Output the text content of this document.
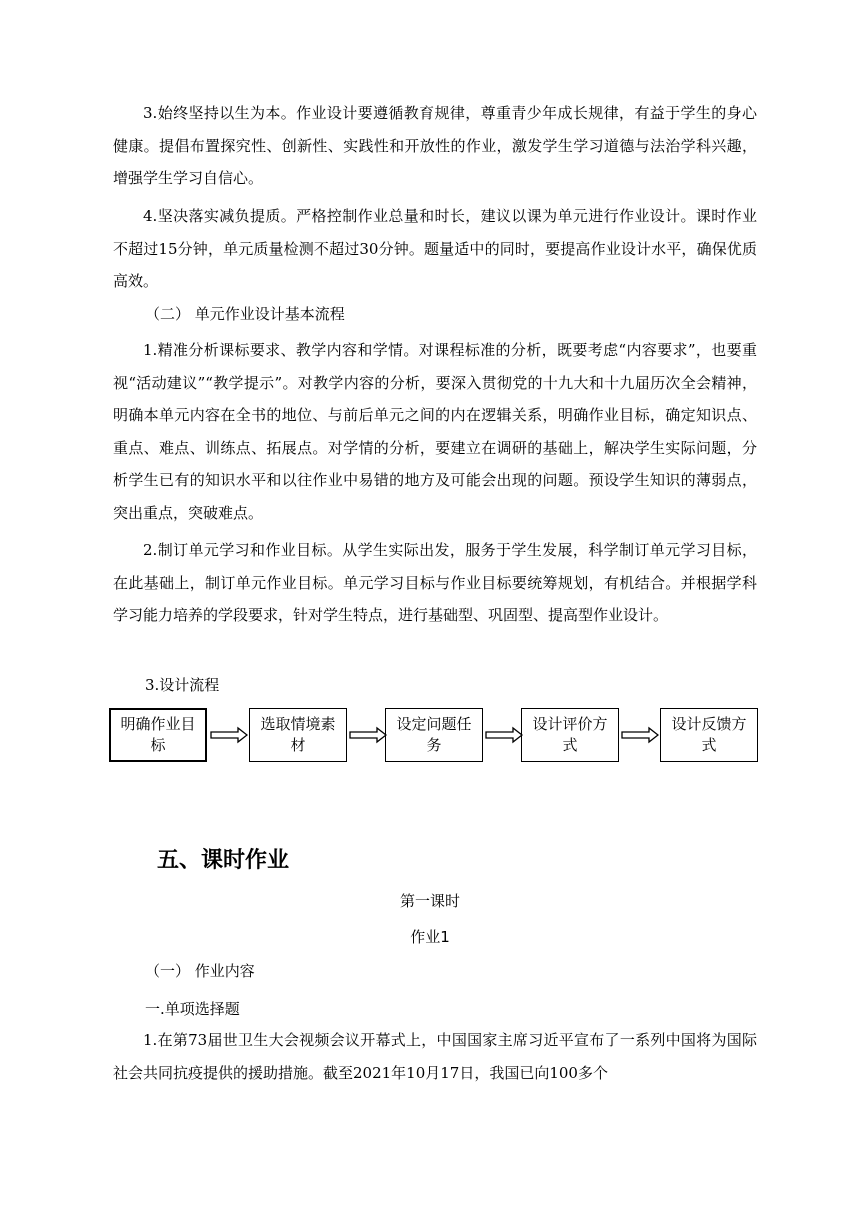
3.始终坚持以生为本。作业设计要遵循教育规律，尊重青少年成长规律，有益于学生的身心健康。提倡布置探究性、创新性、实践性和开放性的作业，激发学生学习道德与法治学科兴趣，增强学生学习自信心。

4.坚决落实减负提质。严格控制作业总量和时长，建议以课为单元进行作业设计。课时作业不超过15分钟，单元质量检测不超过30分钟。题量适中的同时，要提高作业设计水平，确保优质高效。

（二） 单元作业设计基本流程

1.精准分析课标要求、教学内容和学情。对课程标准的分析，既要考虑“内容要求”，也要重视“活动建议”“教学提示”。对教学内容的分析，要深入贯彻党的十九大和十九届历次全会精神，明确本单元内容在全书的地位、与前后单元之间的内在逻辑关系，明确作业目标，确定知识点、重点、难点、训练点、拓展点。对学情的分析，要建立在调研的基础上，解决学生实际问题，分析学生已有的知识水平和以往作业中易错的地方及可能会出现的问题。预设学生知识的薄弱点，突出重点，突破难点。

2.制订单元学习和作业目标。从学生实际出发，服务于学生发展，科学制订单元学习目标，在此基础上，制订单元作业目标。单元学习目标与作业目标要统筹规划，有机结合。并根据学科学习能力培养的学段要求，针对学生特点，进行基础型、巩固型、提高型作业设计。

3.设计流程

明确作业目标
选取情境素材
设定问题任务
设计评价方式
设计反馈方式
五、课时作业

第一课时

作业1

（一） 作业内容

一.单项选择题

1.在第73届世卫生大会视频会议开幕式上，中国国家主席习近平宣布了一系列中国将为国际社会共同抗疫提供的援助措施。截至2021年10月17日，我国已向100多个
